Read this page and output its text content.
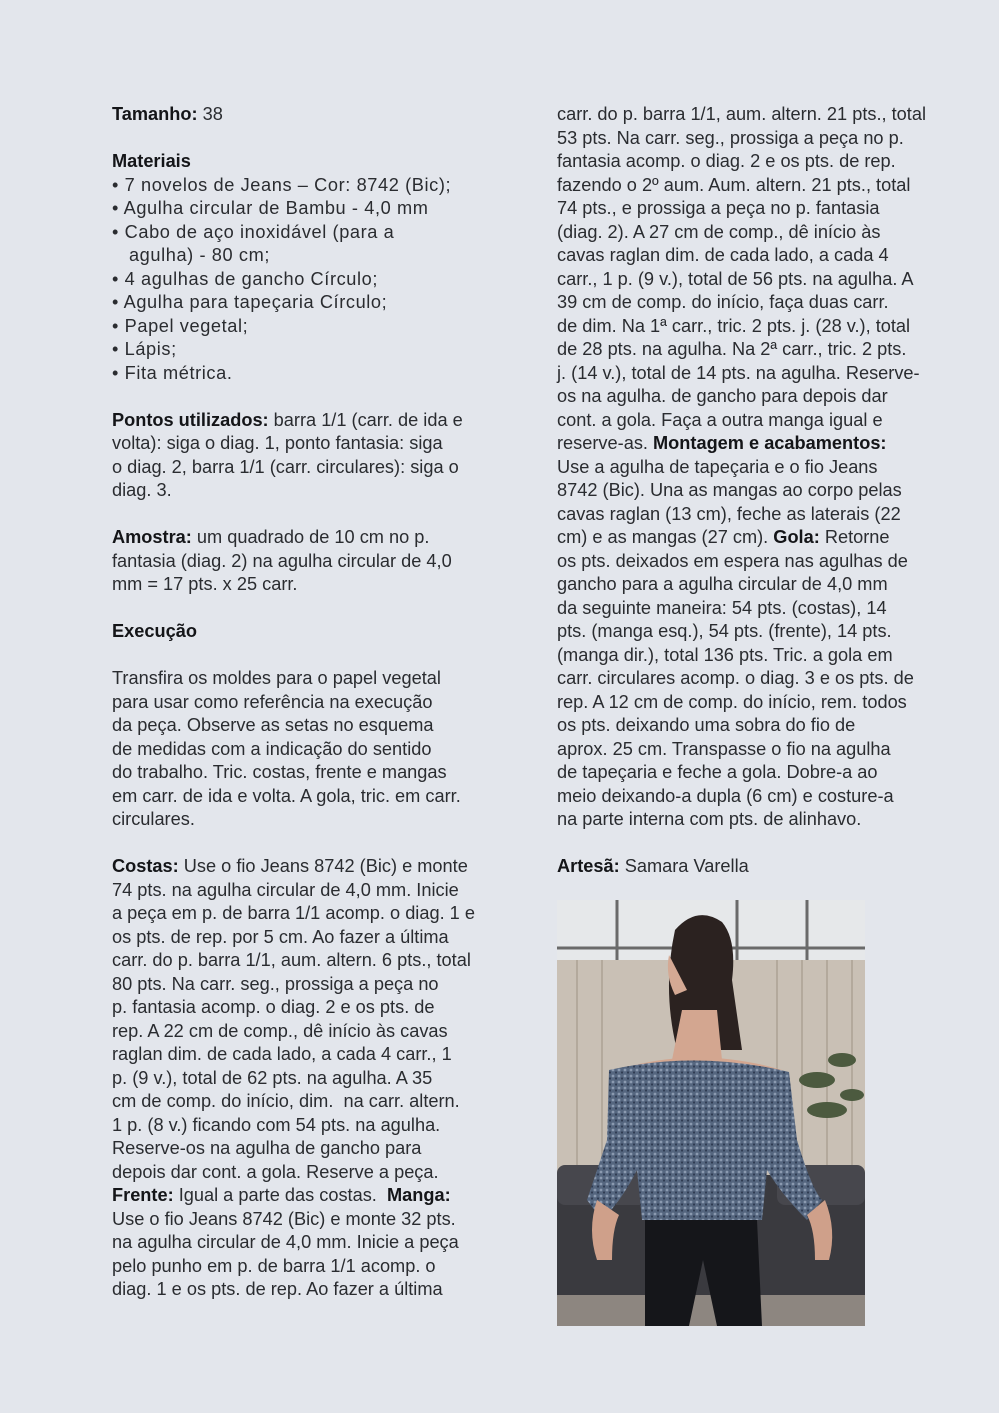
Tamanho: 38
Materiais
• 7 novelos de Jeans – Cor: 8742 (Bic);
• Agulha circular de Bambu - 4,0 mm
• Cabo de aço inoxidável (para a
agulha) - 80 cm;
• 4 agulhas de gancho Círculo;
• Agulha para tapeçaria Círculo;
• Papel vegetal;
• Lápis;
• Fita métrica.
Pontos utilizados: barra 1/1 (carr. de ida e
volta): siga o diag. 1, ponto fantasia: siga
o diag. 2, barra 1/1 (carr. circulares): siga o
diag. 3.
Amostra: um quadrado de 10 cm no p.
fantasia (diag. 2) na agulha circular de 4,0
mm = 17 pts. x 25 carr.
Execução
Transfira os moldes para o papel vegetal
para usar como referência na execução
da peça. Observe as setas no esquema
de medidas com a indicação do sentido
do trabalho. Tric. costas, frente e mangas
em carr. de ida e volta. A gola, tric. em carr.
circulares.
Costas: Use o fio Jeans 8742 (Bic) e monte
74 pts. na agulha circular de 4,0 mm. Inicie
a peça em p. de barra 1/1 acomp. o diag. 1 e
os pts. de rep. por 5 cm. Ao fazer a última
carr. do p. barra 1/1, aum. altern. 6 pts., total
80 pts. Na carr. seg., prossiga a peça no
p. fantasia acomp. o diag. 2 e os pts. de
rep. A 22 cm de comp., dê início às cavas
raglan dim. de cada lado, a cada 4 carr., 1
p. (9 v.), total de 62 pts. na agulha. A 35
cm de comp. do início, dim.  na carr. altern.
1 p. (8 v.) ficando com 54 pts. na agulha.
Reserve-os na agulha de gancho para
depois dar cont. a gola. Reserve a peça.
Frente: Igual a parte das costas.  Manga:
Use o fio Jeans 8742 (Bic) e monte 32 pts.
na agulha circular de 4,0 mm. Inicie a peça
pelo punho em p. de barra 1/1 acomp. o
diag. 1 e os pts. de rep. Ao fazer a última
carr. do p. barra 1/1, aum. altern. 21 pts., total
53 pts. Na carr. seg., prossiga a peça no p.
fantasia acomp. o diag. 2 e os pts. de rep.
fazendo o 2º aum. Aum. altern. 21 pts., total
74 pts., e prossiga a peça no p. fantasia
(diag. 2). A 27 cm de comp., dê início às
cavas raglan dim. de cada lado, a cada 4
carr., 1 p. (9 v.), total de 56 pts. na agulha. A
39 cm de comp. do início, faça duas carr.
de dim. Na 1ª carr., tric. 2 pts. j. (28 v.), total
de 28 pts. na agulha. Na 2ª carr., tric. 2 pts.
j. (14 v.), total de 14 pts. na agulha. Reserve-
os na agulha. de gancho para depois dar
cont. a gola. Faça a outra manga igual e
reserve-as. Montagem e acabamentos:
Use a agulha de tapeçaria e o fio Jeans
8742 (Bic). Una as mangas ao corpo pelas
cavas raglan (13 cm), feche as laterais (22
cm) e as mangas (27 cm). Gola: Retorne
os pts. deixados em espera nas agulhas de
gancho para a agulha circular de 4,0 mm
da seguinte maneira: 54 pts. (costas), 14
pts. (manga esq.), 54 pts. (frente), 14 pts.
(manga dir.), total 136 pts. Tric. a gola em
carr. circulares acomp. o diag. 3 e os pts. de
rep. A 12 cm de comp. do início, rem. todos
os pts. deixando uma sobra do fio de
aprox. 25 cm. Transpasse o fio na agulha
de tapeçaria e feche a gola. Dobre-a ao
meio deixando-a dupla (6 cm) e costure-a
na parte interna com pts. de alinhavo.
Artesã: Samara Varella
